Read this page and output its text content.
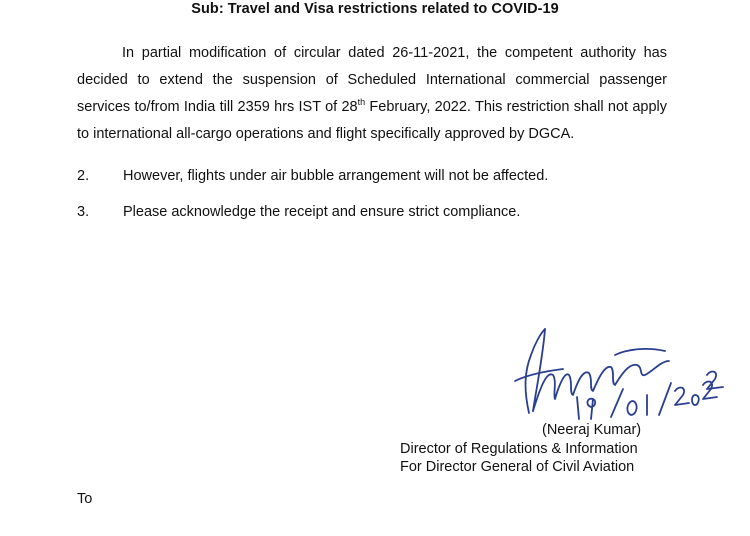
Sub: Travel and Visa restrictions related to COVID-19
In partial modification of circular dated 26-11-2021, the competent authority has decided to extend the suspension of Scheduled International commercial passenger services to/from India till 2359 hrs IST of 28th February, 2022. This restriction shall not apply to international all-cargo operations and flight specifically approved by DGCA.
2. However, flights under air bubble arrangement will not be affected.
3. Please acknowledge the receipt and ensure strict compliance.
(Neeraj Kumar)
Director of Regulations & Information
For Director General of Civil Aviation
To
